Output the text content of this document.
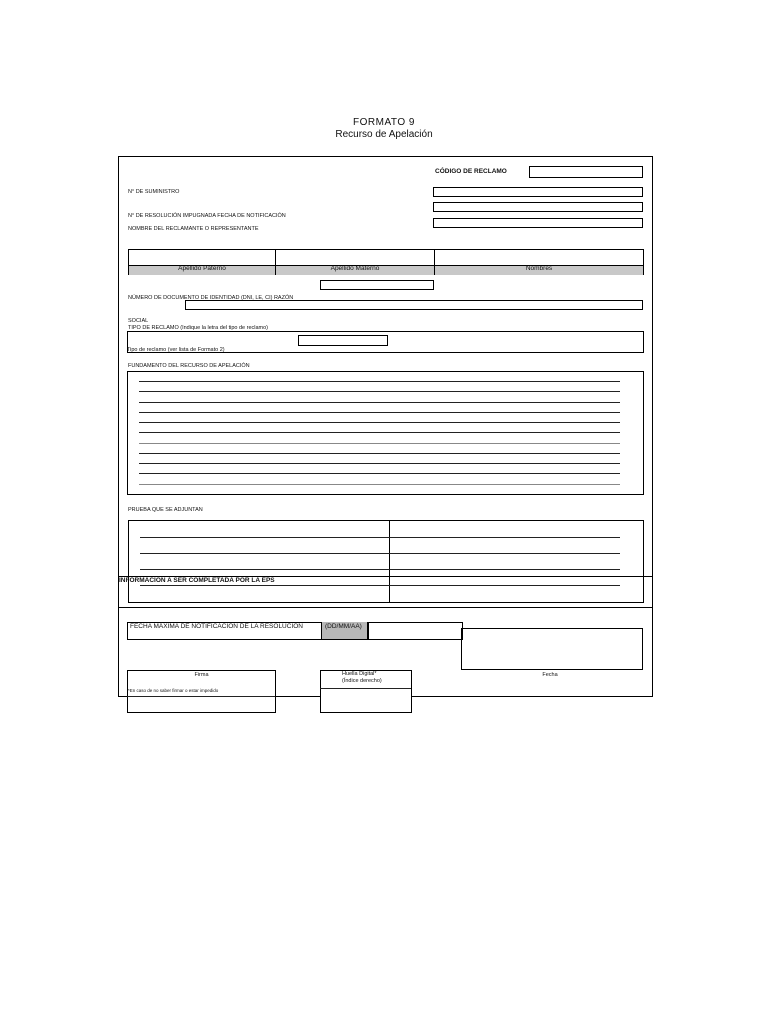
FORMATO 9
Recurso de Apelación
CÓDIGO DE RECLAMO
N° DE SUMINISTRO
N° DE RESOLUCIÓN IMPUGNADA FECHA DE NOTIFICACIÓN
NOMBRE DEL RECLAMANTE O REPRESENTANTE
Apellido Paterno	Apellido Materno	Nombres
NÚMERO DE DOCUMENTO DE IDENTIDAD (DNI, LE, CI) RAZÓN
SOCIAL
TIPO DE RECLAMO (Indique la letra del tipo de reclamo)
Tipo de reclamo (ver lista de Formato 2)
FUNDAMENTO DEL RECURSO DE APELACIÓN
PRUEBA QUE SE ADJUNTAN
INFORMACIÓN A SER COMPLETADA POR LA EPS
FECHA MÁXIMA DE NOTIFICACIÓN DE LA RESOLUCIÓN	(DD/MM/AA)
Firma
*En caso de no saber firmar o estar impedido
Huella Digital*
(Índice derecho)
Fecha
